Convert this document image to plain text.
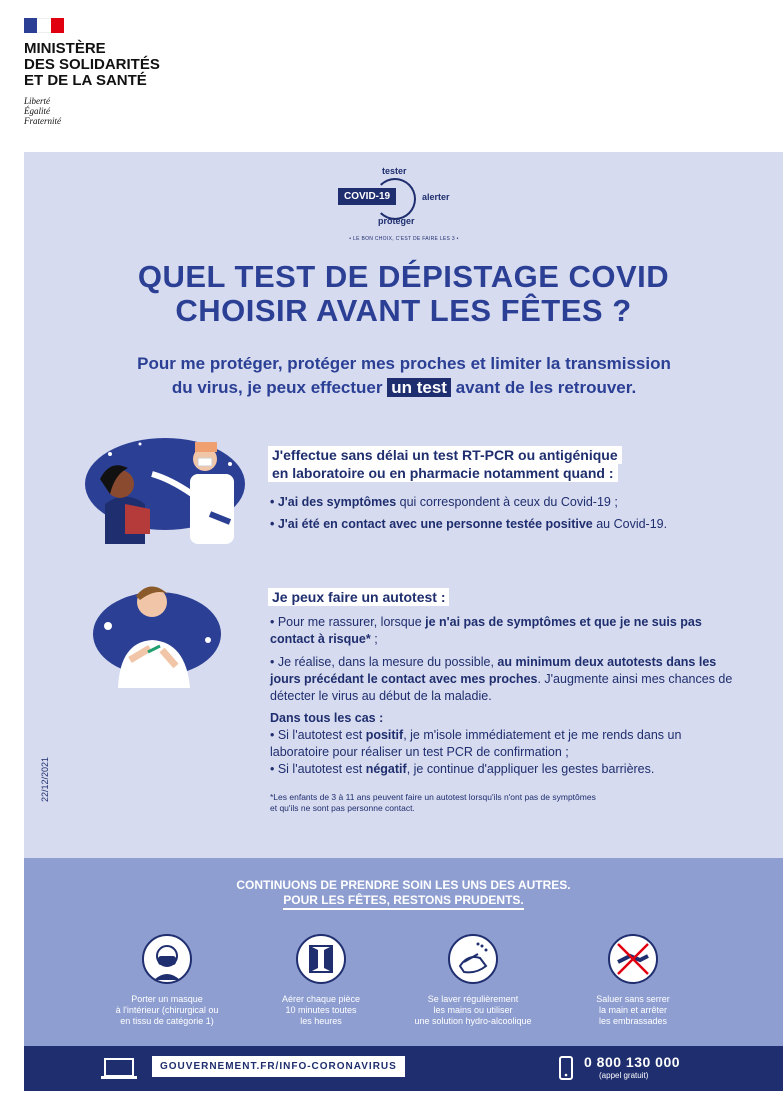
MINISTÈRE
DES SOLIDARITÉS
ET DE LA SANTÉ
Liberté
Égalité
Fraternité
tester
COVID-19	alerter
protéger
• LE BON CHOIX, C'EST DE FAIRE LES 3 •
QUEL TEST DE DÉPISTAGE COVID
CHOISIR AVANT LES FÊTES ?
Pour me protéger, protéger mes proches et limiter la transmission
du virus, je peux effectuer un test avant de les retrouver.
J'effectue sans délai un test RT-PCR ou antigénique
en laboratoire ou en pharmacie notamment quand :
• J'ai des symptômes qui correspondent à ceux du Covid-19 ;
• J'ai été en contact avec une personne testée positive au Covid-19.
Je peux faire un autotest :
• Pour me rassurer, lorsque je n'ai pas de symptômes et que je ne suis pas contact à risque* ;
• Je réalise, dans la mesure du possible, au minimum deux autotests dans les jours précédant le contact avec mes proches. J'augmente ainsi mes chances de détecter le virus au début de la maladie.
Dans tous les cas :
• Si l'autotest est positif, je m'isole immédiatement et je me rends dans un laboratoire pour réaliser un test PCR de confirmation ;
• Si l'autotest est négatif, je continue d'appliquer les gestes barrières.
*Les enfants de 3 à 11 ans peuvent faire un autotest lorsqu'ils n'ont pas de symptômes
et qu'ils ne sont pas personne contact.
22/12/2021
CONTINUONS DE PRENDRE SOIN LES UNS DES AUTRES.
POUR LES FÊTES, RESTONS PRUDENTS.
Porter un masque
à l'intérieur (chirurgical ou
en tissu de catégorie 1)
Aérer chaque pièce
10 minutes toutes
les heures
Se laver régulièrement
les mains ou utiliser
une solution hydro-alcoolique
Saluer sans serrer
la main et arrêter
les embrassades
GOUVERNEMENT.FR/INFO-CORONAVIRUS	0 800 130 000
(appel gratuit)
